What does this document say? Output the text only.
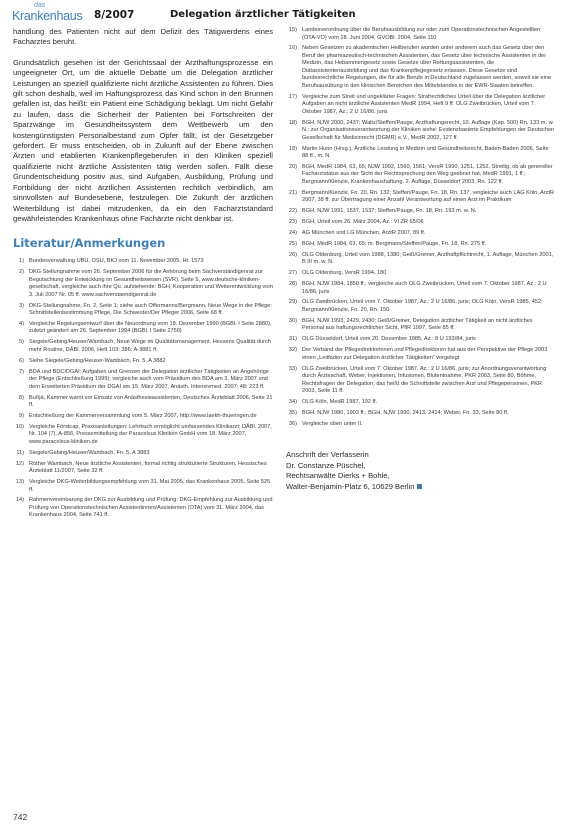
das
Krankenhaus 8/2007	Delegation ärztlicher Tätigkeiten

handlung des Patienten nicht auf dem Defizit des Tätigwerdens eines Facharztes beruht.

Grundsätzlich gesehen ist der Gerichtssaal der Arzthaftungsprozesse ein ungeeigneter Ort, um die aktuelle Debatte um die Delegation ärztlicher Leistungen an speziell qualifizierte nicht ärztliche Assistenten zu führen. Dies gilt schon deshalb, weil im Haftungsprozess das Kind schon in den Brunnen gefallen ist, das heißt: ein Patient eine Schädigung beklagt. Um nicht Gefahr zu laufen, dass die Sicherheit der Patienten bei Fortschreiten der Sparzwänge im Gesundheitssystem dem Wettbewerb um den kostengünstigsten Personalbestand zum Opfer fällt, ist der Gesetzgeber gefordert. Er muss entscheiden, ob in Zukunft auf der Ebene zwischen Ärzten und etablierten Krankenpflegeberufen in den Kliniken speziell qualifizierte nicht ärztliche Assistenten tätig werden sollen. Fällt diese Grundentscheidung positiv aus, sind Aufgaben, Ausbildung, Prüfung und Fortbildung der nicht ärztlichen Assistenten rechtlich verbindlich, am sinnvollsten auf Bundesebene, festzulegen. Die Zukunft der ärztlichen Weiterbildung ist dabei mitzudenken, da ein den Facharztstandard gewährleistendes Krankenhaus ohne Fachärzte nicht denkbar ist.

Literatur/Anmerkungen
1) Bundesverwaltung UBU, OSU, BKJ vom 11. November 2005, Ht. 1573
2) DKG Stellungnahme vom 26. September 2006 für die Anhörung beim Sachverständigenrat zur Begutachtung der Entwicklung im Gesundheitswesen (SVR). Seite 5, www.deutsche-kliniken-gesellschaft, vergleiche auch ihre Qu. aufstehende: BGH, Kooperation und Weiterentwicklung vom 3. Juli 2007 Nr. 05 ff. www.sachverstaendigenrat.de
3) DKG-Stellungnahme, Fn. 2, Seite 1; siehe auch Offermanns/Bergmann, Neue Wege in der Pflege: Schnittstellenbestimmung Pflege, Die Schwester/Der Pfleger 2006, Seite 68 ff.
4) Vergleiche Regelungsentwurf über die Neuordnung vom 18. Dezember 1990 (BGBl. I Seite 2880), zuletzt geändert am 26. September 1994 (BGBl. I Seite 2750)
5) Siegele/Gebing/Heuser/Wambach, Neue Wege im Qualitätsmanagement. Hessens Qualität durch mehr Routine, DÄBl. 2006, Heft 103: 386; A-3881 ff.
6) Siehe Siegele/Gebing/Heuser-Wambach, Fn. 5, A 3882
7) BDA und BDC/DGAI: Aufgaben und Grenzen der Delegation ärztlicher Tätigkeiten an Angehörige der Pflege (Entschließung 1999); vergleiche auch vom Präsidium des BDA am 3. März 2007 und dem Erweiterten Präsidium der DGAI am 15. März 2007, Anästh. Intensivmed. 2007; 48: 223 ff.
8) Bußjä, Kammer warnt vor Einsatz von Anästhesieassistenten, Deutsches Ärzteblatt 2006, Seite 21 ff.
9) Entschließung der Kammerversammlung vom 5. März 2007, http://www.laekh-thueringen.de
10) Vergleiche Förstcap, Praxisanleitungen: Lehrbuch ermöglicht umfassendes Klinikarzt; DÄBl. 2007, Nr. 104 (7), A-856, Pressemitteilung der Paracelsus Kliniken GmbH vom 18. März 2007, www.paracelsus-kliniken.de
11) Siegele/Gebing/Heuser/Wambach, Fn. 5, A 3883
12) Röther Wambach, Neue ärztliche Assistenten, formal richtig strukturierte Strukturen, Hessisches Ärzteblatt 11/2007, Seite 32 ff.
13) Vergleiche DKG-Weiterbildungsempfehlung vom 31. Mai 2005, das Krankenhaus 2005, Seite 525 ff.
14) Rahmenvereinbarung der DKG zur Ausbildung und Prüfung: DKG-Empfehlung zur Ausbildung und Prüfung von Operationstechnischen Assistentinnen/Assistenten (OTA) vom 31. März 2004, das Krankenhaus 2004, Seite 741 ff.
15) Landesverordnung über die Berufsausbildung zur oder zum Operationstechnischen Angestellten (OTA-VO) vom 18. Juni 2004, GVOBl. 2004, Seite 110
16) Neben Gesetzen zu akademischen Heilberufen wurden unter anderem auch das Gesetz über den Beruf der pharmazeutisch-technischen Assistenten, das Gesetz über technische Assistenten in der Medizin, das Hebammengesetz sowie Gesetze über Rettungsassistenten, die Diätassistentenausbildung und das Krankenpflegegesetz erlassen. Diese Gesetze sind bundesrechtliche Regelungen, die für alle Berufe in Deutschland zugelassen werden, soweit sie eine Berufsausübung in den klinischen Bereichen des Mittelstandes in der EWR-Staaten betreffen.
17) Vergleiche zum Streit und ungeklärter Fragen: Strafrechtliches Urteil über die Delegation ärztlicher Aufgaben an nicht ärztliche Assistenten MedR 1994, Heft 9 ff. OLG Zweibrücken, Urteil vom 7. Oktober 1987, Az.: 2 U 16/86, juris
18) BGH, NJW 2000, 2437; Waltz/Steffen/Pauge, Arzthaftungsrecht, 10. Auflage (Kap. 500) Rn. 133 m. w. N.; zur Organisationsverantwortung der Kliniken siehe: Evidenzbasierte Empfehlungen der Deutschen Gesellschaft für Medizinrecht (DGMR) e.V., MedR 2002, 127 ff.
19) Martin Hunn (Hrsg.), Ärztliche Leistung in Medizin und Gesundheitsrecht, Baden-Baden 2006, Seite 88 ff., m. N.
20) BGH, MedR 1984, 63, 65; NJW 1992, 1560, 1561; VersR 1990, 1251, 1252. Streitig, ob ab genereller Facharztstatus aus der Sicht der Rechtsprechung den Weg geebnet hat, MedR 1991, 1 ff.; Bergmann/Kienzle, Krankenhaushaftung, 2. Auflage, Düsseldorf 2003, Rn. 122 ff.
21) Bergmann/Kienzle, Fn. 20, Rn. 132; Steffen/Pauge, Fn. 18, Rn. 137, vergleiche auch LAG Köln, ArztR 2007, 38 ff. zur Übertragung einer Anzahl Verantwortung auf einen Arzt im Praktikum
22) BGH, NJW 1991, 1537, 1537; Steffen/Pauge, Fn. 18, Rn. 193 m. w. N.
23) BGH, Urteil vom 26. März 2004, Az.: VI ZR 65/06
24) AG München und LG München, ArztR 2007, 89 ff.
25) BGH, MedR 1984, 63, 65; m. Bergmann/Steffen/Pauge, Fn. 18, Rn. 275 ff.
26) OLG Oldenburg, Urteil vom 1988, 1380; Geiß/Greiner, Arzthaftpflichtrecht, 1. Auflage, München 2001, B III m. w. N.
27) OLG Oldenburg, VersR 1994, 180
28) BGH, NJW 1984, 1850 ff.; vergleiche auch OLG Zweibrücken, Urteil vom 7. Oktober 1987, Az.: 2 U 16/86, juris
29) OLG Zweibrücken, Urteil vom 7. Oktober 1987, Az.: 2 U 16/86, juris; OLG Köln, VersR 1985, 452; Bergmann/Kienzle, Fn. 20, Rn. 150
30) BGH, NJW 1993, 2429, 2430; Geiß/Greiner, Delegation ärztlicher Tätigkeit an nicht ärztliches Personal aus haftungsrechtlicher Sicht, PflR 1997, Seite 85 ff.
31) OLG Düsseldorf, Urteil vom 20. Dezember 1985, Az.: 8 U 193/84, juris
32) Der Verband der Pflegedirektorinnen und Pflegedirektoren hat aus der Perspektive der Pflege 2003 einen „Leitfaden zur Delegation ärztlicher Tätigkeiten“ vorgelegt
33) OLG Zweibrücken, Urteil vom 7. Oktober 1987, Az.: 2 U 16/86, juris; zur Anordnungsverantwortung durch Ärzteschaft, Weber, Injektionen, Infusionen, Blutentnahme, PKR 2003, Seite 80, Böhme, Rechtsfragen der Delegation, das heißt die Schnittstelle zwischen Arzt und Pflegepersonen, PKR 2003, Seite 11 ff.
34) OLG Köln, MedR 1987, 192 ff.
35) BGH, NJW 1980, 1903 ff.; BGH, NJW 1990, 2413, 2414; Weber, Fn. 33, Seite 80 ff.
36) Vergleiche oben unter II.
Anschrift der Verfasserin
Dr. Constanze Püschel,
Rechtsanwälte Dierks + Bohle,
Walter-Benjamin-Platz 6, 10629 Berlin
742
